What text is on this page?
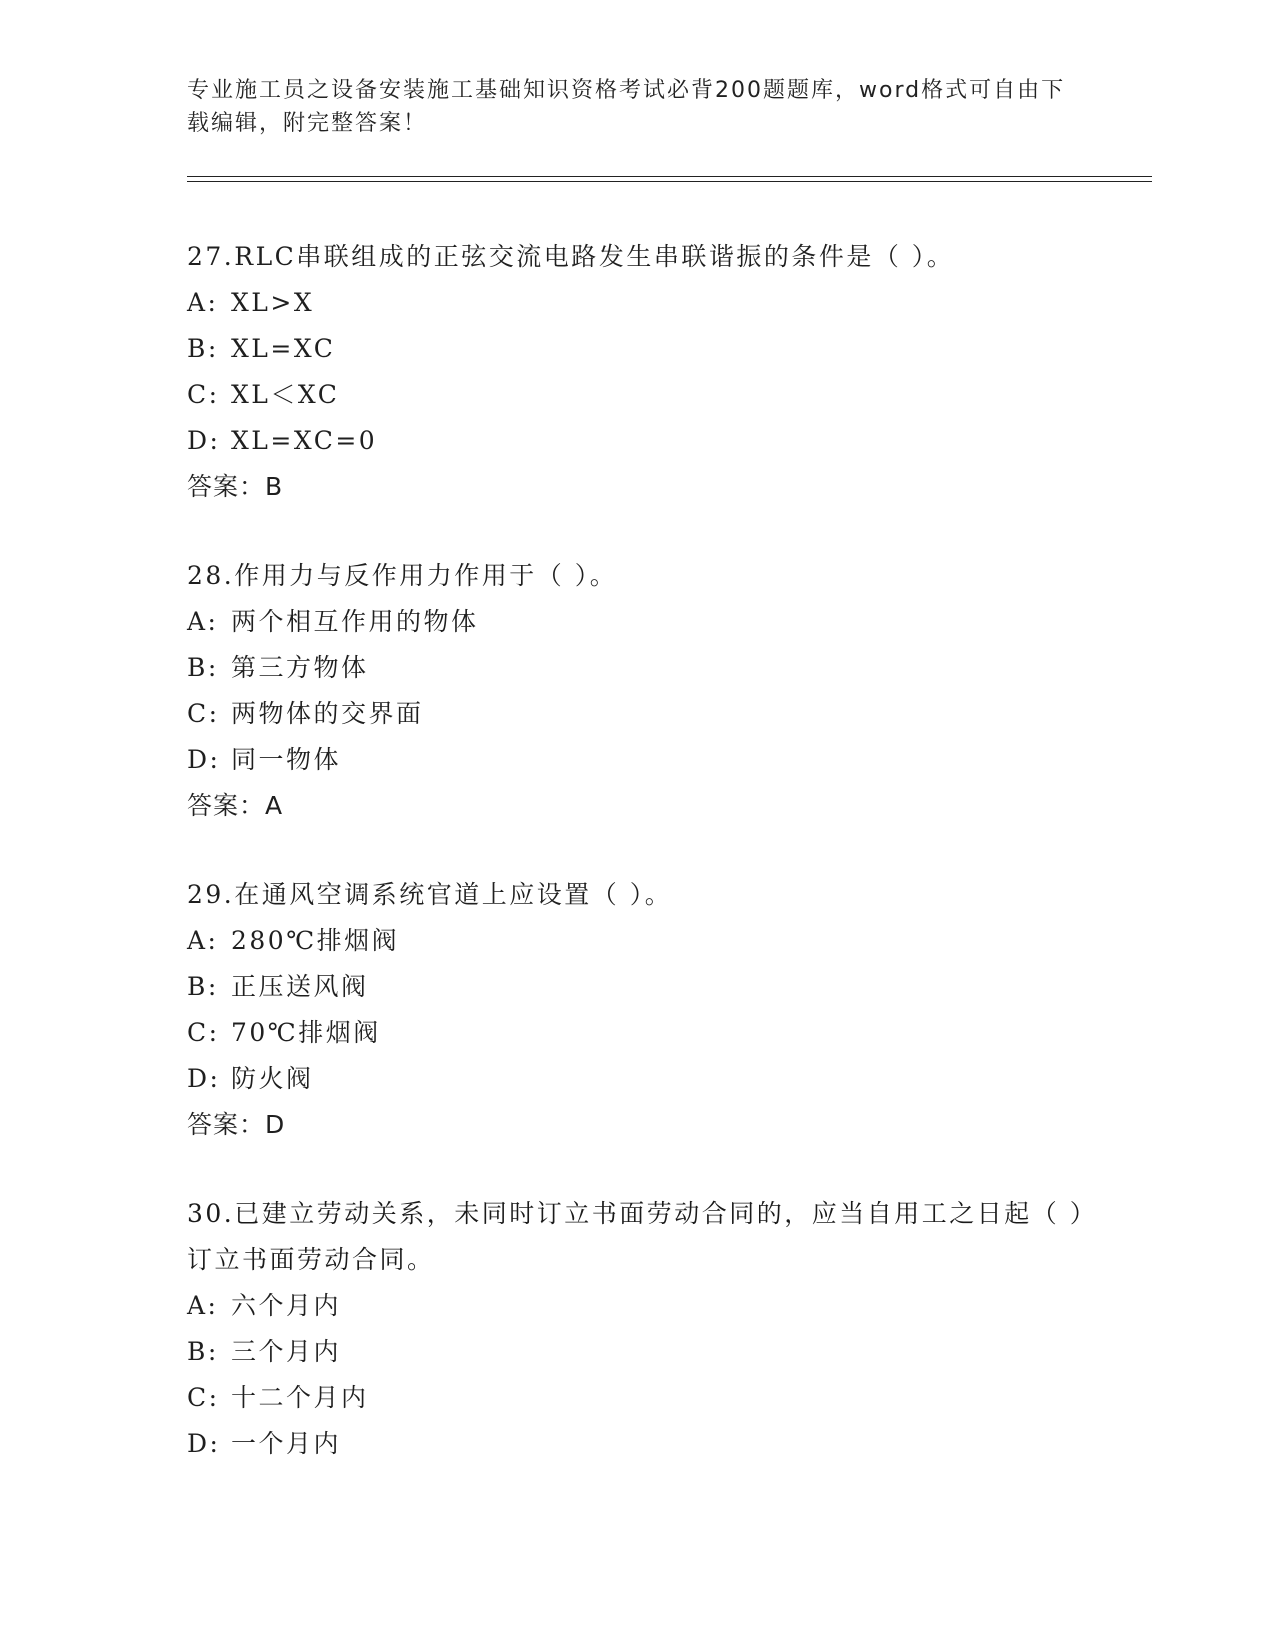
专业施工员之设备安装施工基础知识资格考试必背200题题库，word格式可自由下载编辑，附完整答案！
27.RLC串联组成的正弦交流电路发生串联谐振的条件是（ ）。
A: XL>X
B: XL=XC
C: XL＜XC
D: XL=XC=0
答案：B
28.作用力与反作用力作用于（ ）。
A: 两个相互作用的物体
B: 第三方物体
C: 两物体的交界面
D: 同一物体
答案：A
29.在通风空调系统官道上应设置（ ）。
A: 280℃排烟阀
B: 正压送风阀
C: 70℃排烟阀
D: 防火阀
答案：D
30.已建立劳动关系，未同时订立书面劳动合同的，应当自用工之日起（ ）订立书面劳动合同。
A: 六个月内
B: 三个月内
C: 十二个月内
D: 一个月内
